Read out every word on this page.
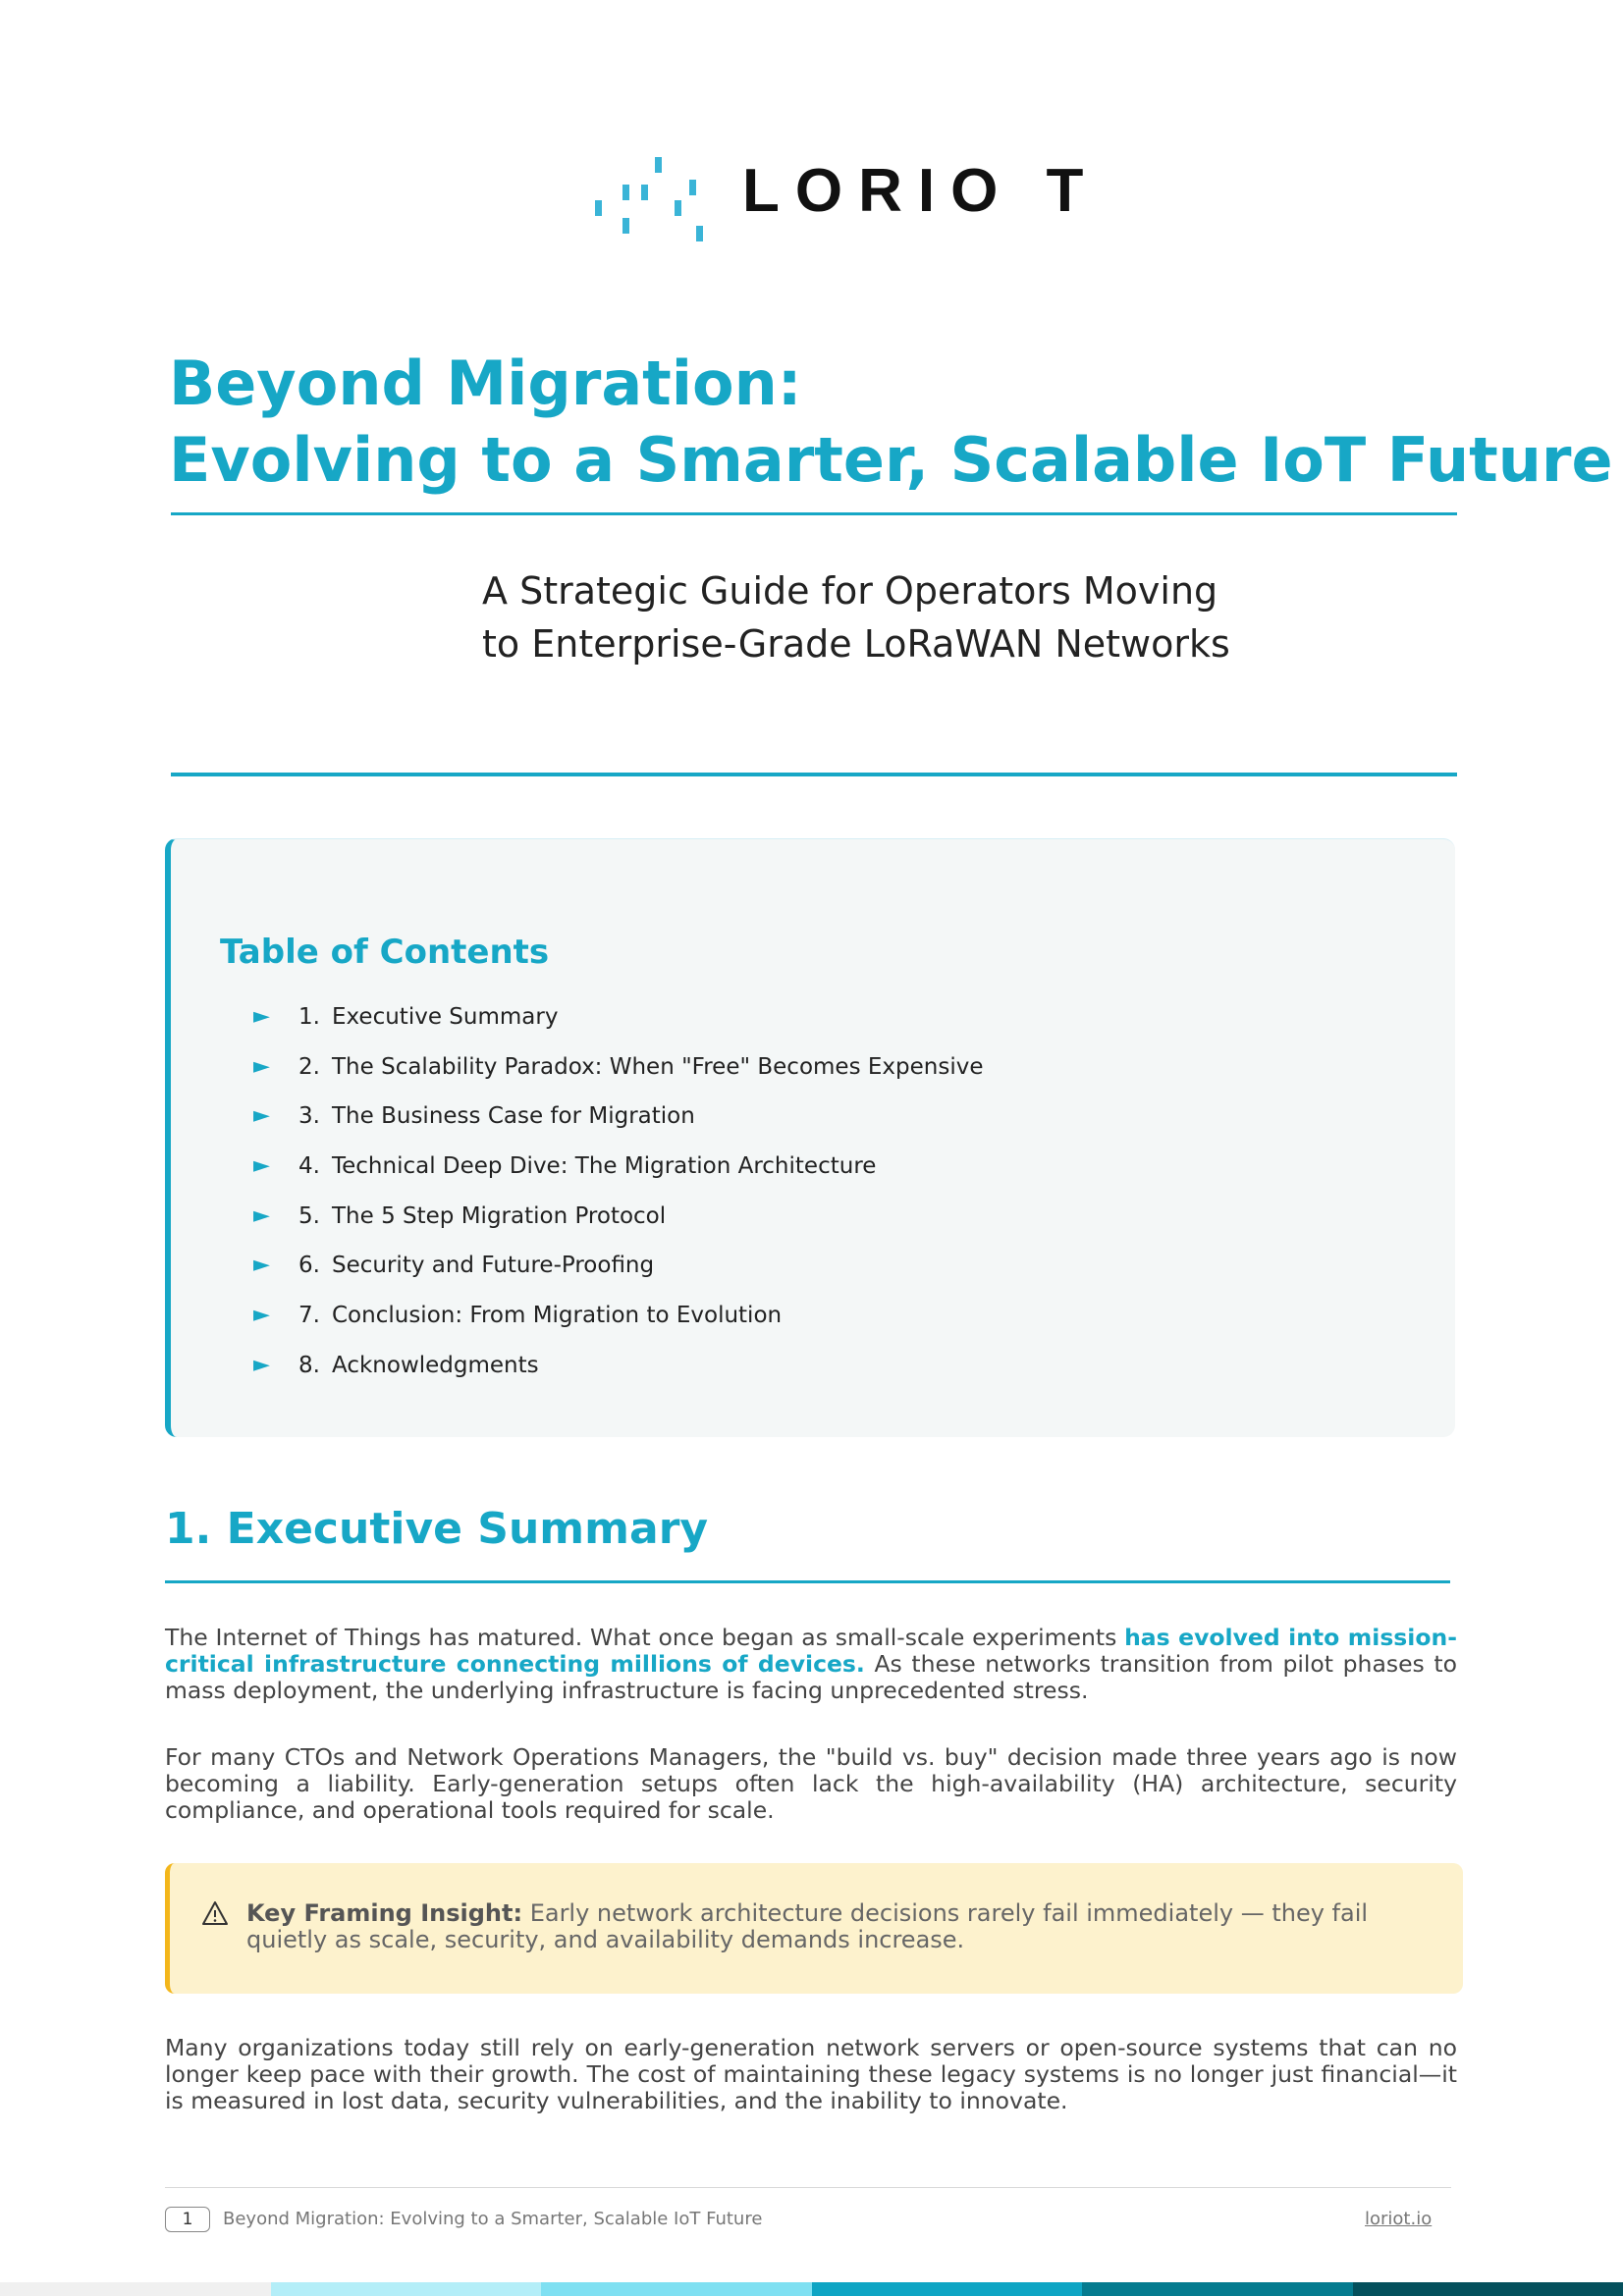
LORIO T
Beyond Migration:
Evolving to a Smarter, Scalable IoT Future
A Strategic Guide for Operators Moving
to Enterprise-Grade LoRaWAN Networks
Table of Contents
►	1. Executive Summary
►	2. The Scalability Paradox: When "Free" Becomes Expensive
►	3. The Business Case for Migration
►	4. Technical Deep Dive: The Migration Architecture
►	5. The 5 Step Migration Protocol
►	6. Security and Future-Proofing
►	7. Conclusion: From Migration to Evolution
►	8. Acknowledgments
1. Executive Summary
The Internet of Things has matured. What once began as small-scale experiments has evolved into mission-critical infrastructure connecting millions of devices. As these networks transition from pilot phases to mass deployment, the underlying infrastructure is facing unprecedented stress.
For many CTOs and Network Operations Managers, the "build vs. buy" decision made three years ago is now becoming a liability. Early-generation setups often lack the high-availability (HA) architecture, security compliance, and operational tools required for scale.
Key Framing Insight: Early network architecture decisions rarely fail immediately — they fail quietly as scale, security, and availability demands increase.
Many organizations today still rely on early-generation network servers or open-source systems that can no longer keep pace with their growth. The cost of maintaining these legacy systems is no longer just financial—it is measured in lost data, security vulnerabilities, and the inability to innovate.
1	Beyond Migration: Evolving to a Smarter, Scalable IoT Future	loriot.io
